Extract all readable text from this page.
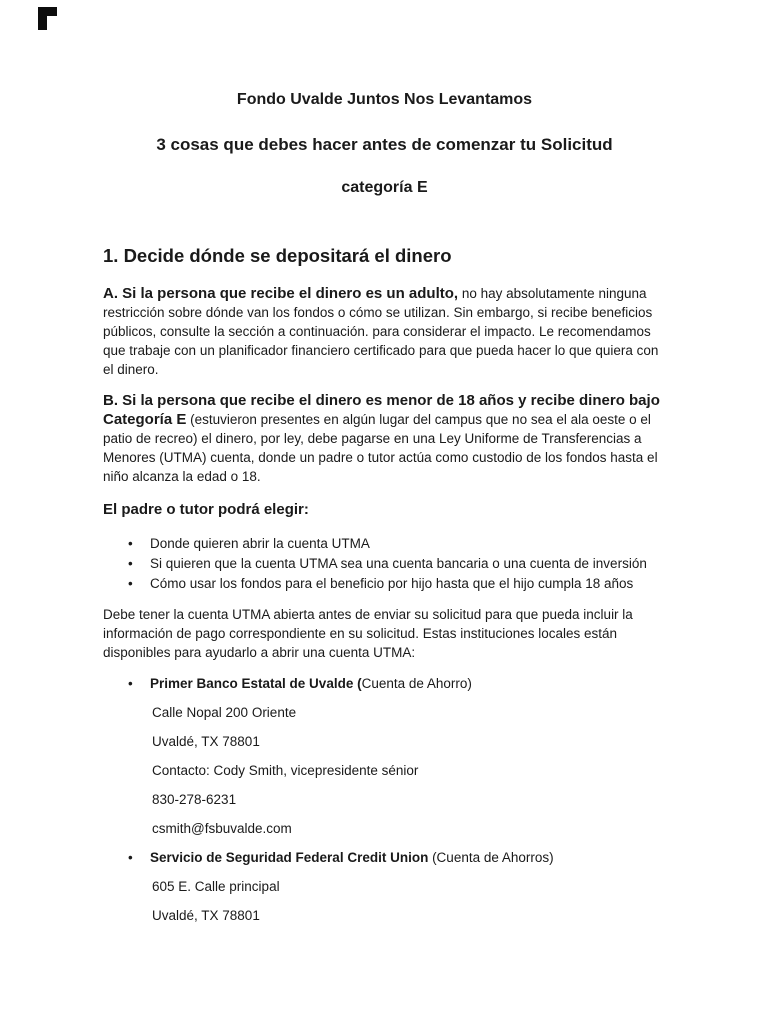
Fondo Uvalde Juntos Nos Levantamos

3 cosas que debes hacer antes de comenzar tu Solicitud

categoría E

1. Decide dónde se depositará el dinero

A. Si la persona que recibe el dinero es un adulto, no hay absolutamente ninguna restricción sobre dónde van los fondos o cómo se utilizan. Sin embargo, si recibe beneficios públicos, consulte la sección a continuación. para considerar el impacto. Le recomendamos que trabaje con un planificador financiero certificado para que pueda hacer lo que quiera con el dinero.

B. Si la persona que recibe el dinero es menor de 18 años y recibe dinero bajo Categoría E (estuvieron presentes en algún lugar del campus que no sea el ala oeste o el patio de recreo) el dinero, por ley, debe pagarse en una Ley Uniforme de Transferencias a Menores (UTMA) cuenta, donde un padre o tutor actúa como custodio de los fondos hasta el niño alcanza la edad o 18.

El padre o tutor podrá elegir:

•	Donde quieren abrir la cuenta UTMA
•	Si quieren que la cuenta UTMA sea una cuenta bancaria o una cuenta de inversión
•	Cómo usar los fondos para el beneficio por hijo hasta que el hijo cumpla 18 años

Debe tener la cuenta UTMA abierta antes de enviar su solicitud para que pueda incluir la información de pago correspondiente en su solicitud. Estas instituciones locales están disponibles para ayudarlo a abrir una cuenta UTMA:

•	Primer Banco Estatal de Uvalde (Cuenta de Ahorro)

Calle Nopal 200 Oriente

Uvaldé, TX 78801

Contacto: Cody Smith, vicepresidente sénior

830-278-6231

csmith@fsbuvalde.com

•	Servicio de Seguridad Federal Credit Union (Cuenta de Ahorros)

605 E. Calle principal

Uvaldé, TX 78801
